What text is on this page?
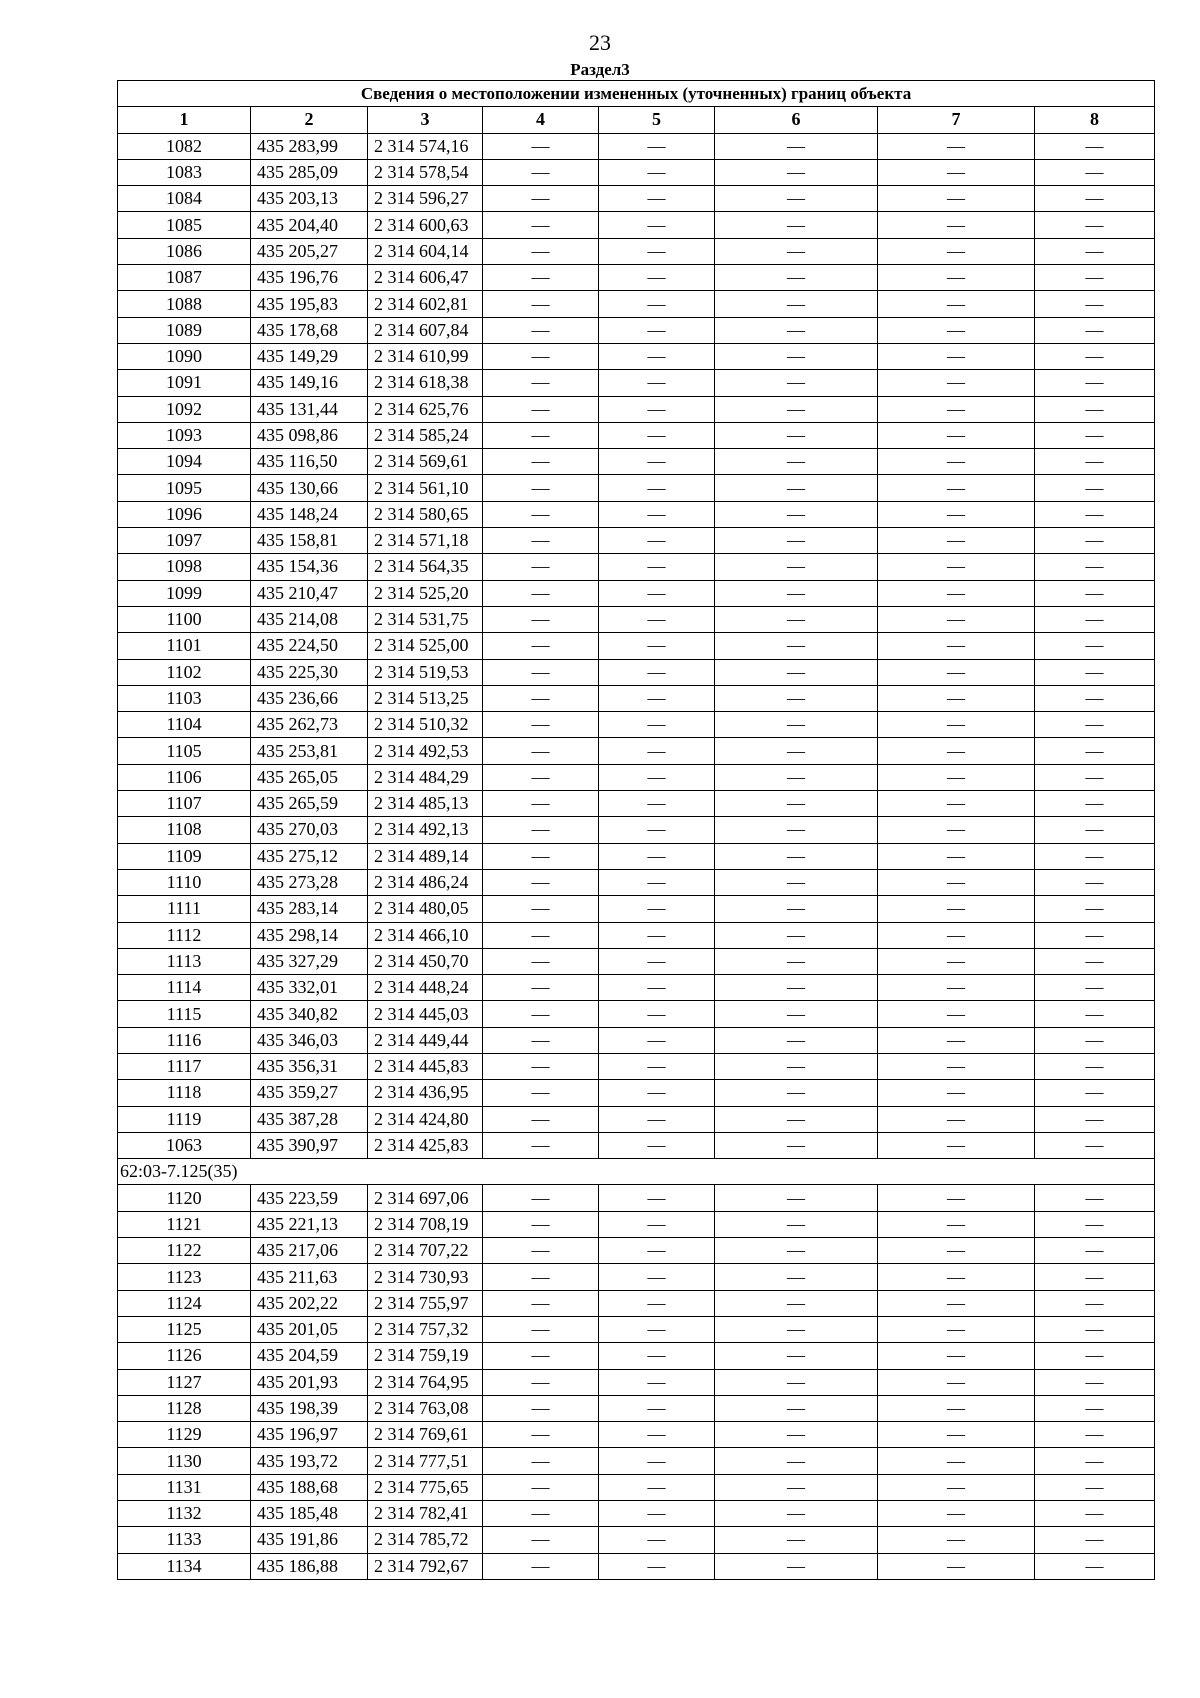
23
Раздел3
Сведения о местоположении измененных (уточненных) границ объекта							
1	2	3	4	5	6	7	8
1082	435 283,99	2 314 574,16	—	—	—	—	—
1083	435 285,09	2 314 578,54	—	—	—	—	—
1084	435 203,13	2 314 596,27	—	—	—	—	—
1085	435 204,40	2 314 600,63	—	—	—	—	—
1086	435 205,27	2 314 604,14	—	—	—	—	—
1087	435 196,76	2 314 606,47	—	—	—	—	—
1088	435 195,83	2 314 602,81	—	—	—	—	—
1089	435 178,68	2 314 607,84	—	—	—	—	—
1090	435 149,29	2 314 610,99	—	—	—	—	—
1091	435 149,16	2 314 618,38	—	—	—	—	—
1092	435 131,44	2 314 625,76	—	—	—	—	—
1093	435 098,86	2 314 585,24	—	—	—	—	—
1094	435 116,50	2 314 569,61	—	—	—	—	—
1095	435 130,66	2 314 561,10	—	—	—	—	—
1096	435 148,24	2 314 580,65	—	—	—	—	—
1097	435 158,81	2 314 571,18	—	—	—	—	—
1098	435 154,36	2 314 564,35	—	—	—	—	—
1099	435 210,47	2 314 525,20	—	—	—	—	—
1100	435 214,08	2 314 531,75	—	—	—	—	—
1101	435 224,50	2 314 525,00	—	—	—	—	—
1102	435 225,30	2 314 519,53	—	—	—	—	—
1103	435 236,66	2 314 513,25	—	—	—	—	—
1104	435 262,73	2 314 510,32	—	—	—	—	—
1105	435 253,81	2 314 492,53	—	—	—	—	—
1106	435 265,05	2 314 484,29	—	—	—	—	—
1107	435 265,59	2 314 485,13	—	—	—	—	—
1108	435 270,03	2 314 492,13	—	—	—	—	—
1109	435 275,12	2 314 489,14	—	—	—	—	—
1110	435 273,28	2 314 486,24	—	—	—	—	—
1111	435 283,14	2 314 480,05	—	—	—	—	—
1112	435 298,14	2 314 466,10	—	—	—	—	—
1113	435 327,29	2 314 450,70	—	—	—	—	—
1114	435 332,01	2 314 448,24	—	—	—	—	—
1115	435 340,82	2 314 445,03	—	—	—	—	—
1116	435 346,03	2 314 449,44	—	—	—	—	—
1117	435 356,31	2 314 445,83	—	—	—	—	—
1118	435 359,27	2 314 436,95	—	—	—	—	—
1119	435 387,28	2 314 424,80	—	—	—	—	—
1063	435 390,97	2 314 425,83	—	—	—	—	—
62:03-7.125(35)							
1120	435 223,59	2 314 697,06	—	—	—	—	—
1121	435 221,13	2 314 708,19	—	—	—	—	—
1122	435 217,06	2 314 707,22	—	—	—	—	—
1123	435 211,63	2 314 730,93	—	—	—	—	—
1124	435 202,22	2 314 755,97	—	—	—	—	—
1125	435 201,05	2 314 757,32	—	—	—	—	—
1126	435 204,59	2 314 759,19	—	—	—	—	—
1127	435 201,93	2 314 764,95	—	—	—	—	—
1128	435 198,39	2 314 763,08	—	—	—	—	—
1129	435 196,97	2 314 769,61	—	—	—	—	—
1130	435 193,72	2 314 777,51	—	—	—	—	—
1131	435 188,68	2 314 775,65	—	—	—	—	—
1132	435 185,48	2 314 782,41	—	—	—	—	—
1133	435 191,86	2 314 785,72	—	—	—	—	—
1134	435 186,88	2 314 792,67	—	—	—	—	—
